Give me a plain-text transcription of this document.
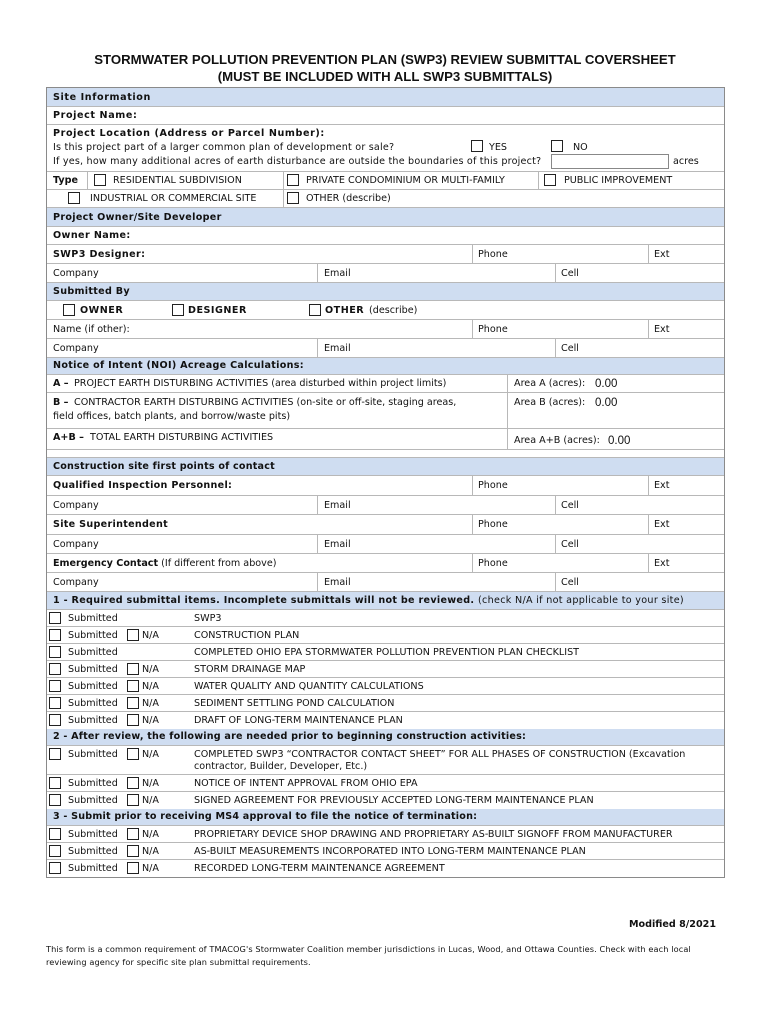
STORMWATER POLLUTION PREVENTION PLAN (SWP3) REVIEW SUBMITTAL COVERSHEET
(MUST BE INCLUDED WITH ALL SWP3 SUBMITTALS)
Site Information
Project Name:
Project Location (Address or Parcel Number):
Is this project part of a larger common plan of development or sale?	YES	NO
If yes, how many additional acres of earth disturbance are outside the boundaries of this project?	acres
Type	RESIDENTIAL SUBDIVISION	PRIVATE CONDOMINIUM OR MULTI-FAMILY	PUBLIC IMPROVEMENT
INDUSTRIAL OR COMMERCIAL SITE	OTHER (describe)
Project Owner/Site Developer
Owner Name:
SWP3 Designer:	Phone	Ext
Company	Email	Cell
Submitted By
OWNER	DESIGNER	OTHER (describe)
Name (if other):	Phone	Ext
Company	Email	Cell
Notice of Intent (NOI) Acreage Calculations:
A – PROJECT EARTH DISTURBING ACTIVITIES (area disturbed within project limits)	Area A (acres): 0.00
B – CONTRACTOR EARTH DISTURBING ACTIVITIES (on-site or off-site, staging areas,
field offices, batch plants, and borrow/waste pits)
Area B (acres): 0.00
A+B – TOTAL EARTH DISTURBING ACTIVITIES	Area A+B (acres): 0.00
Construction site first points of contact
Qualified Inspection Personnel:	Phone	Ext
Company	Email	Cell
Site Superintendent	Phone	Ext
Company	Email	Cell
Emergency Contact (If different from above)	Phone	Ext
Company	Email	Cell
1 - Required submittal items. Incomplete submittals will not be reviewed. (check N/A if not applicable to your site)
Submitted	SWP3
Submitted	N/A	CONSTRUCTION PLAN
Submitted	COMPLETED OHIO EPA STORMWATER POLLUTION PREVENTION PLAN CHECKLIST
Submitted	N/A	STORM DRAINAGE MAP
Submitted	N/A	WATER QUALITY AND QUANTITY CALCULATIONS
Submitted	N/A	SEDIMENT SETTLING POND CALCULATION
Submitted	N/A	DRAFT OF LONG-TERM MAINTENANCE PLAN
2 - After review, the following are needed prior to beginning construction activities:
Submitted	N/A	COMPLETED SWP3 “CONTRACTOR CONTACT SHEET” FOR ALL PHASES OF CONSTRUCTION (Excavation
contractor, Builder, Developer, Etc.)
Submitted	N/A	NOTICE OF INTENT APPROVAL FROM OHIO EPA
Submitted	N/A	SIGNED AGREEMENT FOR PREVIOUSLY ACCEPTED LONG-TERM MAINTENANCE PLAN
3 - Submit prior to receiving MS4 approval to file the notice of termination:
Submitted	N/A	PROPRIETARY DEVICE SHOP DRAWING AND PROPRIETARY AS-BUILT SIGNOFF FROM MANUFACTURER
Submitted	N/A	AS-BUILT MEASUREMENTS INCORPORATED INTO LONG-TERM MAINTENANCE PLAN
Submitted	N/A	RECORDED LONG-TERM MAINTENANCE AGREEMENT
Modified 8/2021
This form is a common requirement of TMACOG's Stormwater Coalition member jurisdictions in Lucas, Wood, and Ottawa Counties. Check with each local reviewing agency for specific site plan submittal requirements.
